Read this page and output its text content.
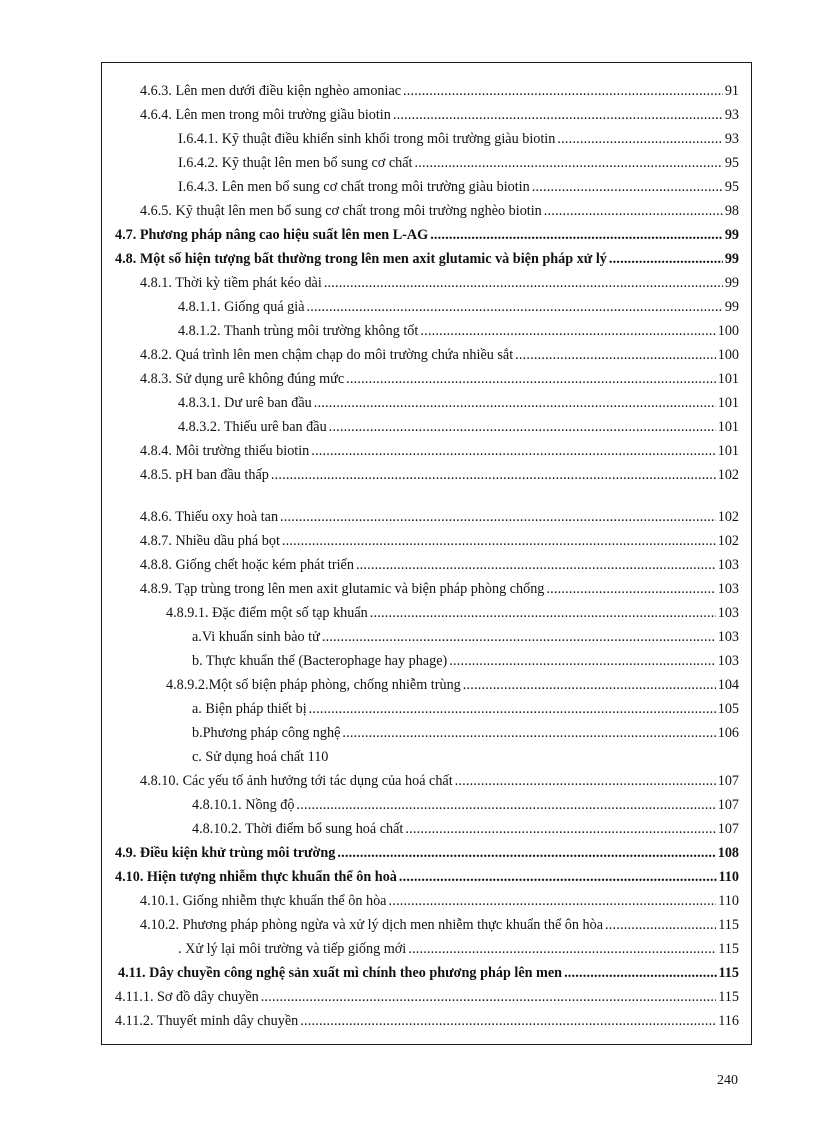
4.6.3. Lên men dưới điều kiện nghèo amoniac .....	91
4.6.4. Lên men trong môi trường giầu biotin .....	93
I.6.4.1. Kỹ thuật điều khiển sinh khối trong môi trường giàu biotin .....	93
I.6.4.2. Kỹ thuật lên men bổ sung cơ chất .....	95
I.6.4.3. Lên men bổ sung cơ chất trong môi trường giàu biotin .....	95
4.6.5. Kỹ thuật lên men bổ sung cơ chất trong môi trường nghèo biotin .....	98
4.7. Phương pháp nâng cao hiệu suất lên men L-AG .....	99
4.8. Một số hiện tượng bất thường trong lên men axit glutamic và biện pháp xử lý .....	99
4.8.1. Thời kỳ tiềm phát kéo dài .....	99
4.8.1.1. Giống quá già .....	99
4.8.1.2. Thanh trùng môi trường không tốt .....	100
4.8.2. Quá trình lên men chậm chạp do môi trường chứa nhiều sắt .....	100
4.8.3. Sử dụng urê không đúng mức .....	101
4.8.3.1. Dư urê ban đầu .....	101
4.8.3.2. Thiếu urê ban đầu .....	101
4.8.4. Môi trường thiếu biotin .....	101
4.8.5. pH ban đầu thấp .....	102
4.8.6. Thiếu oxy hoà tan .....	102
4.8.7. Nhiều dầu phá bọt .....	102
4.8.8. Giống chết hoặc kém phát triển .....	103
4.8.9. Tạp trùng trong lên men axit glutamic và biện pháp phòng chống .....	103
4.8.9.1. Đặc điểm một số tạp khuẩn .....	103
a.Vi khuẩn sinh bào tử .....	103
b. Thực khuẩn thể (Bacterophage hay phage) .....	103
4.8.9.2.Một số biện pháp phòng, chống nhiễm trùng .....	104
a. Biện pháp thiết bị .....	105
b.Phương pháp công nghệ .....	106
c. Sử dụng hoá chất 110
4.8.10. Các yếu tố ảnh hưởng tới tác dụng của hoá chất .....	107
4.8.10.1. Nồng độ .....	107
4.8.10.2. Thời điểm bổ sung hoá chất .....	107
4.9. Điều kiện khử trùng môi trường .....	108
4.10. Hiện tượng nhiễm thực khuẩn thể ôn hoà .....	110
4.10.1. Giống nhiễm thực khuẩn thể ôn hòa .....	110
4.10.2. Phương pháp phòng ngừa và xử lý dịch men nhiễm thực khuẩn thể ôn hòa .....	115
. Xử lý lại môi trường và tiếp giống mới .....	115
4.11. Dây chuyền công nghệ sản xuất mì chính theo phương pháp lên men .....	115
4.11.1. Sơ đồ dây chuyền .....	115
4.11.2. Thuyết minh dây chuyền .....	116
240
